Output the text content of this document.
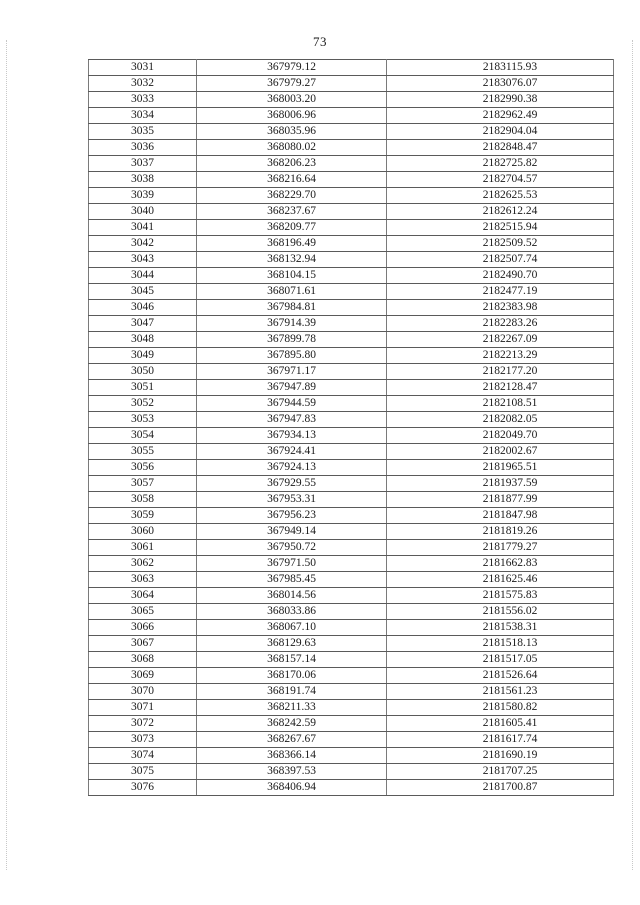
73
3031	367979.12	2183115.93
3032	367979.27	2183076.07
3033	368003.20	2182990.38
3034	368006.96	2182962.49
3035	368035.96	2182904.04
3036	368080.02	2182848.47
3037	368206.23	2182725.82
3038	368216.64	2182704.57
3039	368229.70	2182625.53
3040	368237.67	2182612.24
3041	368209.77	2182515.94
3042	368196.49	2182509.52
3043	368132.94	2182507.74
3044	368104.15	2182490.70
3045	368071.61	2182477.19
3046	367984.81	2182383.98
3047	367914.39	2182283.26
3048	367899.78	2182267.09
3049	367895.80	2182213.29
3050	367971.17	2182177.20
3051	367947.89	2182128.47
3052	367944.59	2182108.51
3053	367947.83	2182082.05
3054	367934.13	2182049.70
3055	367924.41	2182002.67
3056	367924.13	2181965.51
3057	367929.55	2181937.59
3058	367953.31	2181877.99
3059	367956.23	2181847.98
3060	367949.14	2181819.26
3061	367950.72	2181779.27
3062	367971.50	2181662.83
3063	367985.45	2181625.46
3064	368014.56	2181575.83
3065	368033.86	2181556.02
3066	368067.10	2181538.31
3067	368129.63	2181518.13
3068	368157.14	2181517.05
3069	368170.06	2181526.64
3070	368191.74	2181561.23
3071	368211.33	2181580.82
3072	368242.59	2181605.41
3073	368267.67	2181617.74
3074	368366.14	2181690.19
3075	368397.53	2181707.25
3076	368406.94	2181700.87
